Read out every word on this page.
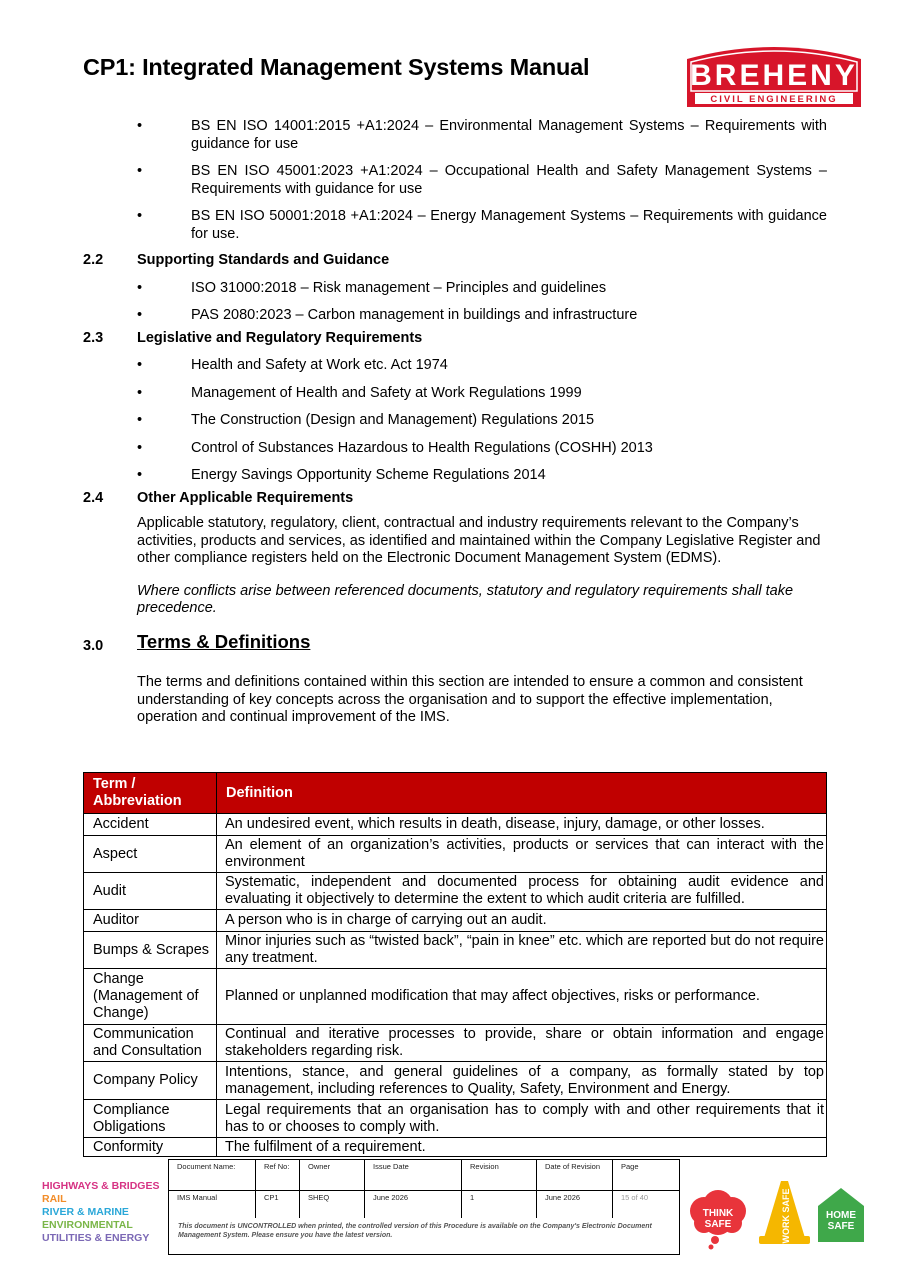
CP1: Integrated Management Systems Manual	BREHENY
CIVIL ENGINEERING
•	BS EN ISO 14001:2015 +A1:2024 – Environmental Management Systems – Requirements with guidance for use
•	BS EN ISO 45001:2023 +A1:2024 – Occupational Health and Safety Management Systems – Requirements with guidance for use
•	BS EN ISO 50001:2018 +A1:2024 – Energy Management Systems – Requirements with guidance for use.
2.2 Supporting Standards and Guidance
•	ISO 31000:2018 – Risk management – Principles and guidelines
•	PAS 2080:2023 – Carbon management in buildings and infrastructure
2.3 Legislative and Regulatory Requirements
•	Health and Safety at Work etc. Act 1974
•	Management of Health and Safety at Work Regulations 1999
•	The Construction (Design and Management) Regulations 2015
•	Control of Substances Hazardous to Health Regulations (COSHH) 2013
•	Energy Savings Opportunity Scheme Regulations 2014
2.4 Other Applicable Requirements
Applicable statutory, regulatory, client, contractual and industry requirements relevant to the Company’s activities, products and services, as identified and maintained within the Company Legislative Register and other compliance registers held on the Electronic Document Management System (EDMS).
Where conflicts arise between referenced documents, statutory and regulatory requirements shall take precedence.
3.0 Terms & Definitions
The terms and definitions contained within this section are intended to ensure a common and consistent understanding of key concepts across the organisation and to support the effective implementation, operation and continual improvement of the IMS.
Term / Abbreviation	Definition
Accident	An undesired event, which results in death, disease, injury, damage, or other losses.
Aspect	An element of an organization’s activities, products or services that can interact with the environment
Audit	Systematic, independent and documented process for obtaining audit evidence and evaluating it objectively to determine the extent to which audit criteria are fulfilled.
Auditor	A person who is in charge of carrying out an audit.
Bumps & Scrapes	Minor injuries such as “twisted back”, “pain in knee” etc. which are reported but do not require any treatment.
Change (Management of Change)	Planned or unplanned modification that may affect objectives, risks or performance.
Communication and Consultation	Continual and iterative processes to provide, share or obtain information and engage stakeholders regarding risk.
Company Policy	Intentions, stance, and general guidelines of a company, as formally stated by top management, including references to Quality, Safety, Environment and Energy.
Compliance Obligations	Legal requirements that an organisation has to comply with and other requirements that it has to or chooses to comply with.
Conformity	The fulfilment of a requirement.
HIGHWAYS & BRIDGES
RAIL
RIVER & MARINE
ENVIRONMENTAL
UTILITIES & ENERGY
Document Name:	Ref No:	Owner	Issue Date	Revision	Date of Revision	Page
IMS Manual	CP1	SHEQ	June 2026	1	June 2026	15 of 40
This document is UNCONTROLLED when printed, the controlled version of this Procedure is available on the Company's Electronic Document Management System. Please ensure you have the latest version.
THINK
SAFE	WORK SAFE	HOME
SAFE
